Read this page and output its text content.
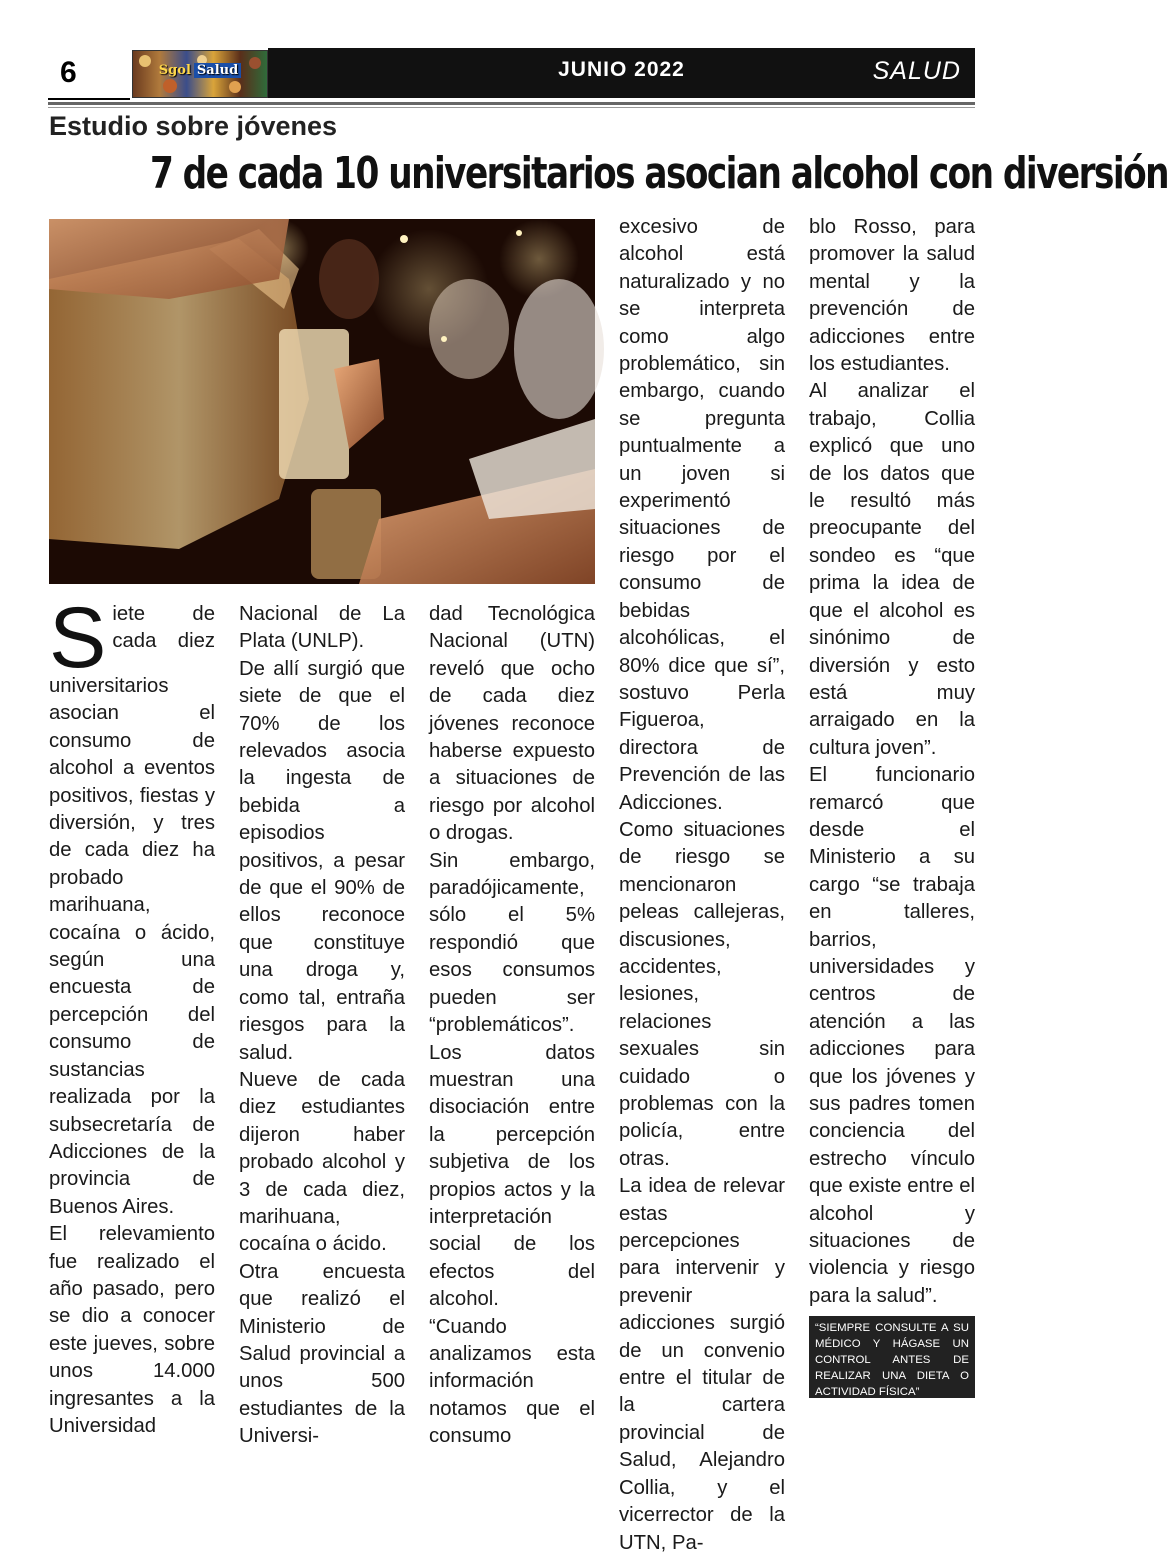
6	Sgol Salud	JUNIO 2022	SALUD
Estudio sobre jóvenes
7 de cada 10 universitarios asocian alcohol con diversión

Siete de cada diez universitarios asocian el consumo de alcohol a eventos positivos, fiestas y diversión, y tres de cada diez ha probado marihuana, cocaína o ácido, según una encuesta de percepción del consumo de sustancias realizada por la subsecretaría de Adicciones de la provincia de Buenos Aires.

El relevamiento fue realizado el año pasado, pero se dio a conocer este jueves, sobre unos 14.000 ingresantes a la Universidad

Nacional de La Plata (UNLP).

De allí surgió que siete de que el 70% de los relevados asocia la ingesta de bebida a episodios positivos, a pesar de que el 90% de ellos reconoce que constituye una droga y, como tal, entraña riesgos para la salud.

Nueve de cada diez estudiantes dijeron haber probado alcohol y 3 de cada diez, marihuana, cocaína o ácido.

Otra encuesta que realizó el Ministerio de Salud provincial a unos 500 estudiantes de la Universi-

dad Tecnológica Nacional (UTN) reveló que ocho de cada diez jóvenes reconoce haberse expuesto a situaciones de riesgo por alcohol o drogas.

Sin embargo, paradójicamente, sólo el 5% respondió que esos consumos pueden ser “problemáticos”.

Los datos muestran una disociación entre la percepción subjetiva de los propios actos y la interpretación social de los efectos del alcohol.

“Cuando analizamos esta información notamos que el consumo

excesivo de alcohol está naturalizado y no se interpreta como algo problemático, sin embargo, cuando se pregunta puntualmente a un joven si experimentó situaciones de riesgo por el consumo de bebidas alcohólicas, el 80% dice que sí”, sostuvo Perla Figueroa, directora de Prevención de las Adicciones.

Como situaciones de riesgo se mencionaron peleas callejeras, discusiones, accidentes, lesiones, relaciones sexuales sin cuidado o problemas con la policía, entre otras.

La idea de relevar estas percepciones para intervenir y prevenir adicciones surgió de un convenio entre el titular de la cartera provincial de Salud, Alejandro Collia, y el vicerrector de la UTN, Pa-

blo Rosso, para promover la salud mental y la prevención de adicciones entre los estudiantes.

Al analizar el trabajo, Collia explicó que uno de los datos que le resultó más preocupante del sondeo es “que prima la idea de que el alcohol es sinónimo de diversión y esto está muy arraigado en la cultura joven”.

El funcionario remarcó que desde el Ministerio a su cargo “se trabaja en talleres, barrios, universidades y centros de atención a las adicciones para que los jóvenes y sus padres tomen conciencia del estrecho vínculo que existe entre el alcohol y situaciones de violencia y riesgo para la salud”.

“SIEMPRE CONSULTE A SU MÉDICO Y HÁGASE UN CONTROL ANTES DE REALIZAR UNA DIETA O ACTIVIDAD FÍSICA”
